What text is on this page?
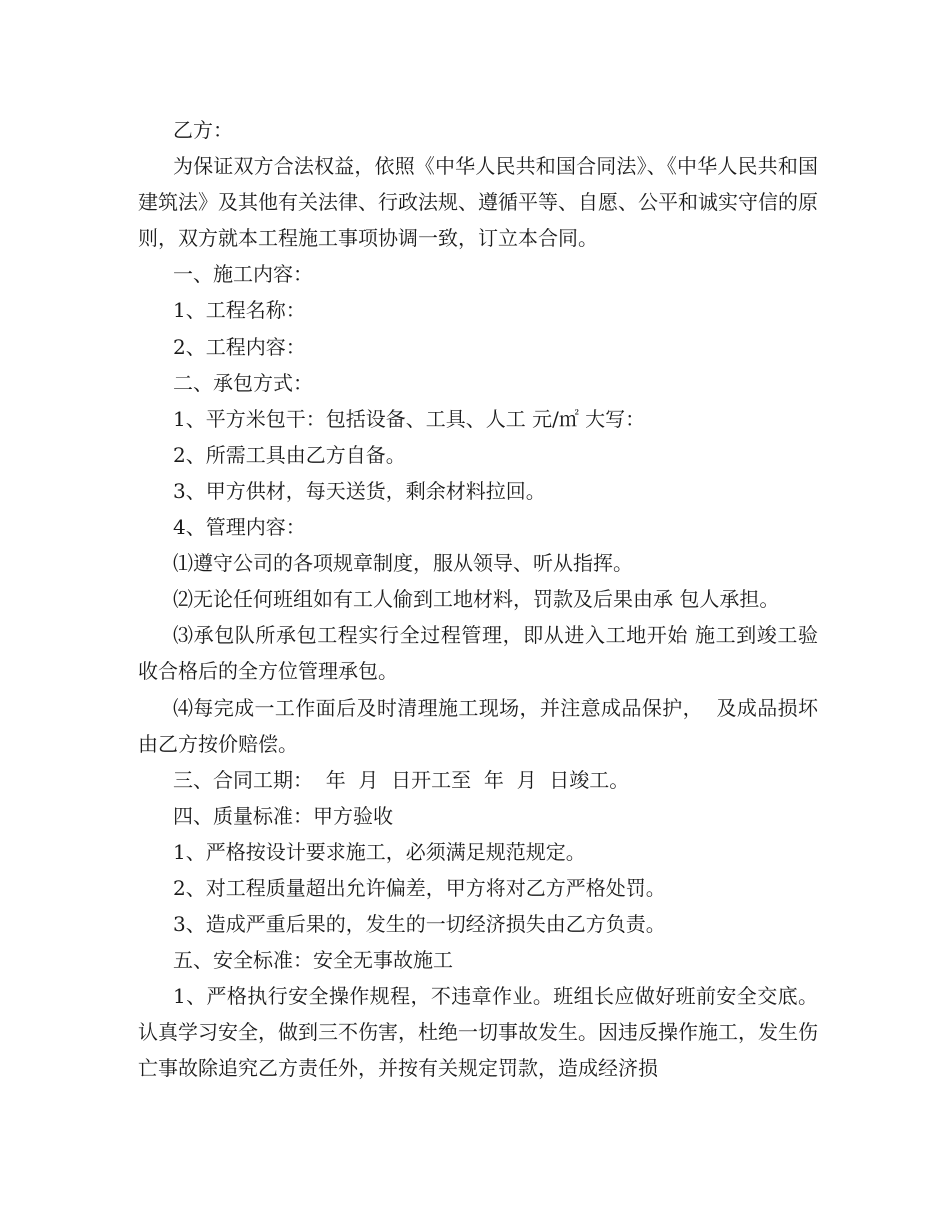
乙方：

为保证双方合法权益，依照《中华人民共和国合同法》、《中华人民共和国建筑法》及其他有关法律、行政法规、遵循平等、自愿、公平和诚实守信的原则，双方就本工程施工事项协调一致，订立本合同。

一、施工内容：

1、工程名称：

2、工程内容：

二、承包方式：

1、平方米包干：包括设备、工具、人工 元/㎡ 大写：

2、所需工具由乙方自备。

3、甲方供材，每天送货，剩余材料拉回。

4、管理内容：

⑴遵守公司的各项规章制度，服从领导、听从指挥。

⑵无论任何班组如有工人偷到工地材料，罚款及后果由承 包人承担。

⑶承包队所承包工程实行全过程管理，即从进入工地开始 施工到竣工验收合格后的全方位管理承包。

⑷每完成一工作面后及时清理施工现场，并注意成品保护，  及成品损坏由乙方按价赔偿。

三、合同工期：  年  月  日开工至  年  月  日竣工。

四、质量标准：甲方验收

1、严格按设计要求施工，必须满足规范规定。

2、对工程质量超出允许偏差，甲方将对乙方严格处罚。

3、造成严重后果的，发生的一切经济损失由乙方负责。

五、安全标准：安全无事故施工

1、严格执行安全操作规程，不违章作业。班组长应做好班前安全交底。认真学习安全，做到三不伤害，杜绝一切事故发生。因违反操作施工，发生伤亡事故除追究乙方责任外，并按有关规定罚款，造成经济损
